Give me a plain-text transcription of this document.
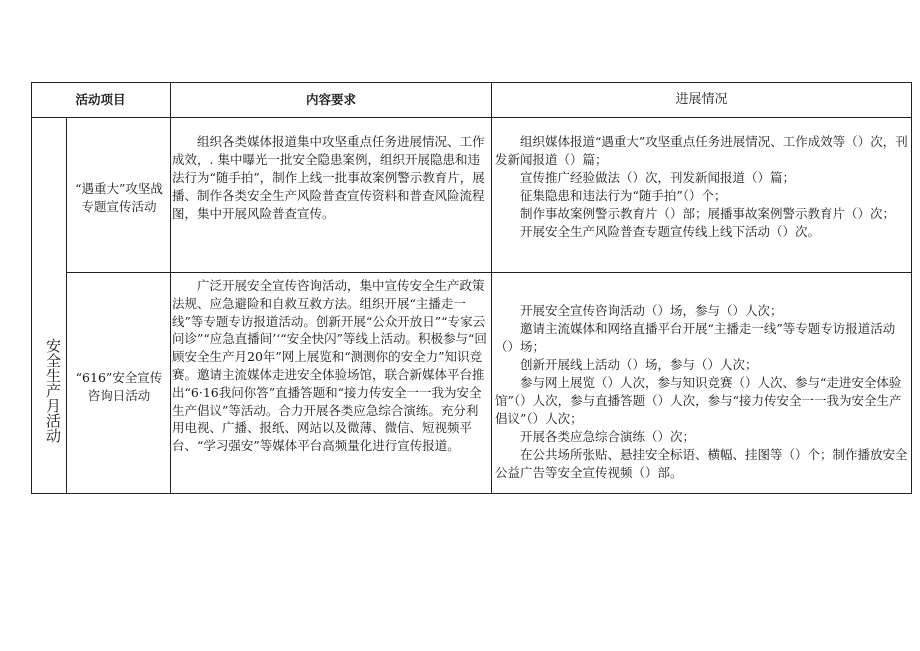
活动项目	内容要求	进展情况
安全生产月活动
“遇重大”攻坚战专题宣传活动

组织各类媒体报道集中攻坚重点任务进展情况、工作成效，. 集中曝光一批安全隐患案例，组织开展隐患和违法行为“随手拍”，制作上线一批事故案例警示教育片，展播、制作各类安全生产风险普查宣传资料和普查风险流程图，集中开展风险普查宣传。

组织媒体报道“遇重大”攻坚重点任务进展情况、工作成效等（）次，刊发新闻报道（）篇；

宣传推广经验做法（）次，刊发新闻报道（）篇；

征集隐患和违法行为“随手拍”（）个；

制作事故案例警示教育片（）部；展播事故案例警示教育片（）次；

开展安全生产风险普查专题宣传线上线下活动（）次。

“616”安全宣传咨询日活动

广泛开展安全宣传咨询活动，集中宣传安全生产政策法规、应急避险和自救互救方法。组织开展“主播走一线”等专题专访报道活动。创新开展“公众开放日”“专家云问诊”“应急直播间’‘“安全快闪”等线上活动。积极参与“回顾安全生产月20年”网上展览和“测测你的安全力”知识竞赛。邀请主流媒体走进安全体验场馆，联合新媒体平台推出“6·16我问你答”直播答题和“接力传安全一一我为安全生产倡议”等活动。合力开展各类应急综合演练。充分利用电视、广播、报纸、网站以及微薄、微信、短视频平台、“学习强安”等媒体平台高频量化进行宣传报道。

开展安全宣传咨询活动（）场，参与（）人次；

邀请主流媒体和网络直播平台开展“主播走一线”等专题专访报道活动（）场；

创新开展线上活动（）场，参与（）人次；

参与网上展览（）人次，参与知识竞赛（）人次、参与“走进安全体验馆”（）人次，参与直播答题（）人次，参与“接力传安全一一我为安全生产倡议”（）人次；

开展各类应急综合演练（）次；

在公共场所张贴、悬挂安全标语、横幅、挂图等（）个；制作播放安全公益广告等安全宣传视频（）部。
